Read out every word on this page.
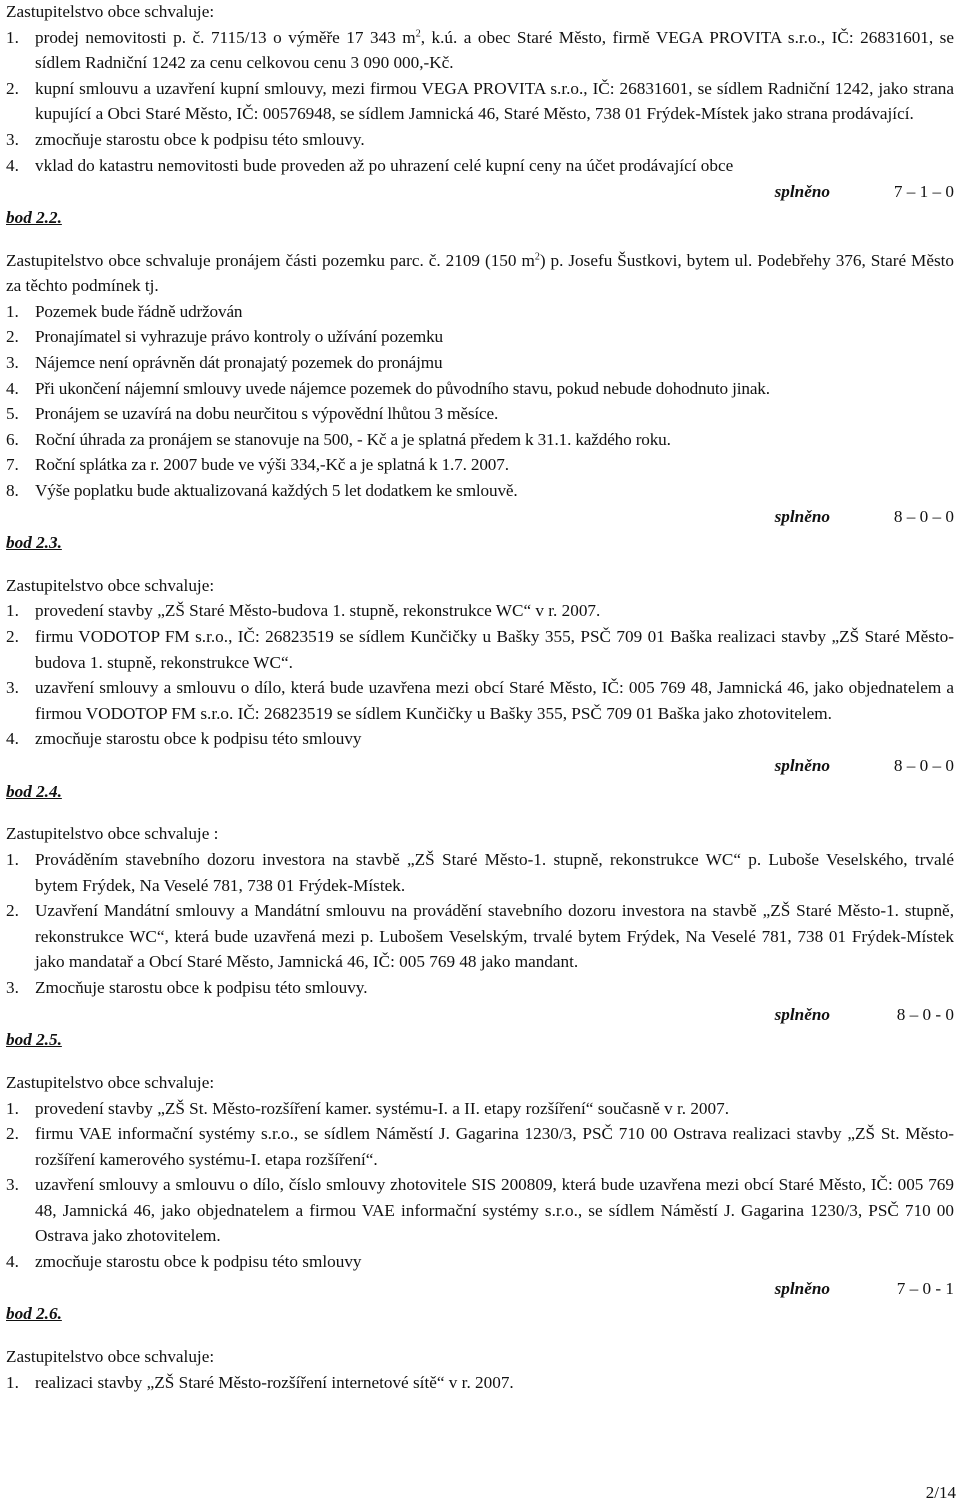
Zastupitelstvo obce schvaluje:

1. prodej nemovitosti p. č. 7115/13 o výměře 17 343 $m^2$, k.ú. a obec Staré Město, firmě VEGA PROVITA s.r.o., IČ: 26831601, se sídlem Radniční 1242 za cenu celkovou cenu 3 090 000,-Kč.
2. kupní smlouvu a uzavření kupní smlouvy, mezi firmou VEGA PROVITA s.r.o., IČ: 26831601, se sídlem Radniční 1242, jako strana kupující a Obci Staré Město, IČ: 00576948, se sídlem Jamnická 46, Staré Město, 738 01 Frýdek-Místek jako strana prodávající.
3. zmocňuje starostu obce k podpisu této smlouvy.
4. vklad do katastru nemovitosti bude proveden až po uhrazení celé kupní ceny na účet prodávající obce
splněno	7 – 1 – 0

bod 2.2.

Zastupitelstvo obce schvaluje pronájem části pozemku parc. č. 2109 (150 $m^2$) p. Josefu Šustkovi, bytem ul. Podebřehy 376, Staré Město za těchto podmínek tj.

1. Pozemek bude řádně udržován
2. Pronajímatel si vyhrazuje právo kontroly o užívání pozemku
3. Nájemce není oprávněn dát pronajatý pozemek do pronájmu
4. Při ukončení nájemní smlouvy uvede nájemce pozemek do původního stavu, pokud nebude dohodnuto jinak.
5. Pronájem se uzavírá na dobu neurčitou s výpovědní lhůtou 3 měsíce.
6. Roční úhrada za pronájem se stanovuje na 500, - Kč a je splatná předem k 31.1. každého roku.
7. Roční splátka za r. 2007 bude ve výši 334,-Kč a je splatná k 1.7. 2007.
8. Výše poplatku bude aktualizovaná každých 5 let dodatkem ke smlouvě.
splněno	8 – 0 – 0

bod 2.3.

Zastupitelstvo obce schvaluje:

1. provedení stavby „ZŠ Staré Město-budova 1. stupně, rekonstrukce WC“ v r. 2007.
2. firmu VODOTOP FM s.r.o., IČ: 26823519 se sídlem Kunčičky u Bašky 355, PSČ 709 01 Baška realizaci stavby „ZŠ Staré Město-budova 1. stupně, rekonstrukce WC“.
3. uzavření smlouvy a smlouvu o dílo, která bude uzavřena mezi obcí Staré Město, IČ: 005 769 48, Jamnická 46, jako objednatelem a firmou VODOTOP FM s.r.o. IČ: 26823519 se sídlem Kunčičky u Bašky 355, PSČ 709 01 Baška jako zhotovitelem.
4. zmocňuje starostu obce k podpisu této smlouvy
splněno	8 – 0 – 0

bod 2.4.

Zastupitelstvo obce schvaluje :

1. Prováděním stavebního dozoru investora na stavbě „ZŠ Staré Město-1. stupně, rekonstrukce WC“ p. Luboše Veselského, trvalé bytem Frýdek, Na Veselé 781, 738 01 Frýdek-Místek.
2. Uzavření Mandátní smlouvy a Mandátní smlouvu na provádění stavebního dozoru investora na stavbě „ZŠ Staré Město-1. stupně, rekonstrukce WC“, která bude uzavřená mezi p. Lubošem Veselským, trvalé bytem Frýdek, Na Veselé 781, 738 01 Frýdek-Místek jako mandatař a Obcí Staré Město, Jamnická 46, IČ: 005 769 48 jako mandant.
3. Zmocňuje starostu obce k podpisu této smlouvy.
splněno	8 – 0 - 0

bod 2.5.

Zastupitelstvo obce schvaluje:

1. provedení stavby „ZŠ St. Město-rozšíření kamer. systému-I. a II. etapy rozšíření“ současně v r. 2007.
2. firmu VAE informační systémy s.r.o., se sídlem Náměstí J. Gagarina 1230/3, PSČ 710 00 Ostrava realizaci stavby „ZŠ St. Město-rozšíření kamerového systému-I. etapa rozšíření“.
3. uzavření smlouvy a smlouvu o dílo, číslo smlouvy zhotovitele SIS 200809, která bude uzavřena mezi obcí Staré Město, IČ: 005 769 48, Jamnická 46, jako objednatelem a firmou VAE informační systémy s.r.o., se sídlem Náměstí J. Gagarina 1230/3, PSČ 710 00 Ostrava jako zhotovitelem.
4. zmocňuje starostu obce k podpisu této smlouvy
splněno	7 – 0 - 1

bod 2.6.

Zastupitelstvo obce schvaluje:

1. realizaci stavby „ZŠ Staré Město-rozšíření internetové sítě“ v r. 2007.
2/14
